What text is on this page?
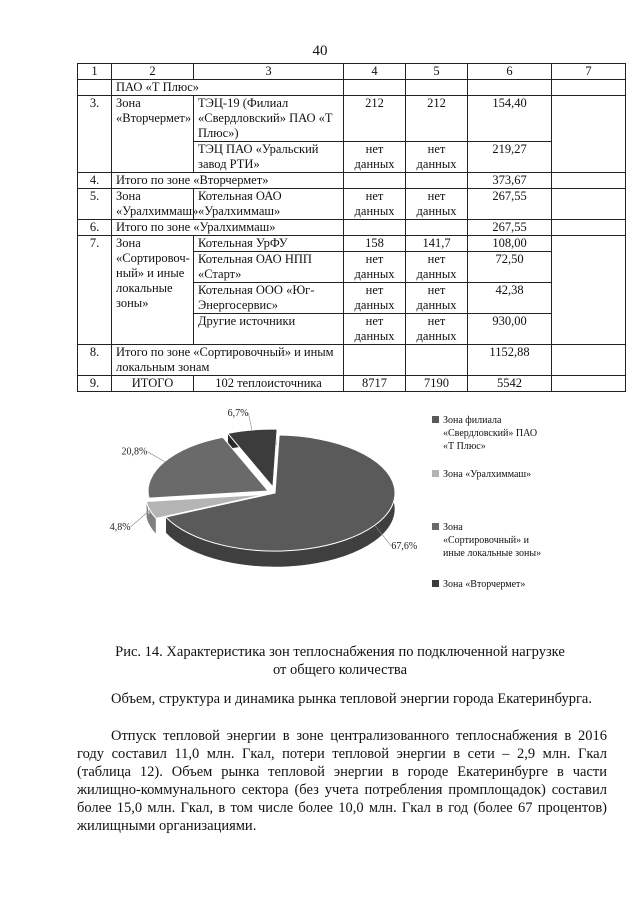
40
1	2	3	4	5	6	7
	ПАО «Т Плюс»					
3.	Зона «Вторчермет»	ТЭЦ-19 (Филиал «Свердловский» ПАО «Т Плюс»)	212	212	154,40	
		ТЭЦ ПАО «Уральский завод РТИ»	нет данных	нет данных	219,27	
4.	Итого по зоне «Вторчермет»				373,67	
5.	Зона «Уралхиммаш»	Котельная ОАО «Уралхиммаш»	нет данных	нет данных	267,55	
6.	Итого по зоне «Уралхиммаш»				267,55	
7.	Зона «Сортировоч-ный» и иные локальные зоны»	Котельная УрФУ	158	141,7	108,00	
		Котельная ОАО НПП «Старт»	нет данных	нет данных	72,50	
		Котельная ООО «Юг-Энергосервис»	нет данных	нет данных	42,38	
		Другие источники	нет данных	нет данных	930,00	
8.	Итого по зоне «Сортировочный» и иным локальным зонам				1152,88	
9.	ИТОГО	102 теплоисточника	8717	7190	5542	
67,6%
4,8%
20,8%
6,7%
Зона филиала «Свердловский» ПАО «Т Плюс»
Зона «Уралхиммаш»
Зона «Сортировочный» и иные локальные зоны»
Зона «Вторчермет»
Рис. 14. Характеристика зон теплоснабжения по подключенной нагрузке
от общего количества
Объем, структура и динамика рынка тепловой энергии города Екатеринбурга.
Отпуск тепловой энергии в зоне централизованного теплоснабжения в 2016 году составил 11,0 млн. Гкал, потери тепловой энергии в сети – 2,9 млн. Гкал (таблица 12). Объем рынка тепловой энергии в городе Екатеринбурге в части жилищно-коммунального сектора (без учета потребления промплощадок) составил более 15,0 млн. Гкал, в том числе более 10,0 млн. Гкал в год (более 67 процентов) жилищными организациями.
